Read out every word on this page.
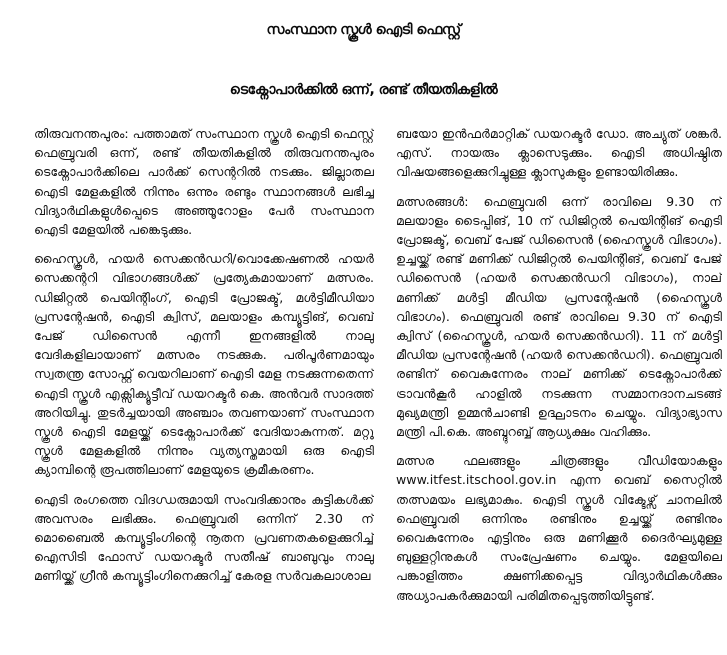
സംസ്ഥാന സ്കൂൾ ഐടി ഫെസ്റ്റ്
ടെക്നോപാർക്കിൽ ഒന്ന്, രണ്ട് തീയതികളിൽ

തിരുവനന്തപുരം: പത്താമത് സംസ്ഥാന സ്കൂൾ ഐടി ഫെസ്റ്റ് ഫെബ്രുവരി ഒന്ന്, രണ്ട് തീയതികളിൽ തിരുവനന്തപുരം ടെക്നോപാർക്കിലെ പാർക്ക് സെന്ററിൽ നടക്കും. ജില്ലാതല ഐടി മേളകളിൽ നിന്നും ഒന്നും രണ്ടും സ്ഥാനങ്ങൾ ലഭിച്ച വിദ്യാർഥികളുൾപ്പെടെ അഞ്ഞൂറോളം പേർ സംസ്ഥാന ഐടി മേളയിൽ പങ്കെടുക്കും.

ഹൈസ്കൂൾ, ഹയർ സെക്കൻഡറി/വൊക്കേഷണൽ ഹയർ സെക്കന്ററി വിഭാഗങ്ങൾക്ക് പ്രത്യേകമായാണ് മത്സരം. ഡിജിറ്റൽ പെയിന്റിംഗ്, ഐടി പ്രോജക്ട്, മൾട്ടിമീഡിയാ പ്രസന്റേഷൻ, ഐടി ക്വിസ്, മലയാളം കമ്പ്യൂട്ടിങ്, വെബ് പേജ് ഡിസൈൻ എന്നീ ഇനങ്ങളിൽ നാലു വേദികളിലായാണ് മത്സരം നടക്കുക. പരിപൂർണമായും സ്വതന്ത്ര സോഫ്റ്റ് വെയറിലാണ് ഐടി മേള നടക്കുന്നതെന്ന് ഐടി സ്കൂൾ എക്സിക്യൂട്ടീവ് ഡയറക്ടർ കെ. അൻവർ സാദത്ത് അറിയിച്ചു. തുടർച്ചയായി അഞ്ചാം തവണയാണ് സംസ്ഥാന സ്കൂൾ ഐടി മേളയ്ക്ക് ടെക്നോപാർക്ക് വേദിയാകുന്നത്. മറ്റു സ്കൂൾ മേളകളിൽ നിന്നും വ്യത്യസ്തമായി ഒരു ഐടി ക്യാമ്പിന്റെ രൂപത്തിലാണ് മേളയുടെ ക്രമീകരണം.

ഐടി രംഗത്തെ വിദഗ്ധരുമായി സംവദിക്കാനും കുട്ടികൾക്ക് അവസരം ലഭിക്കും. ഫെബ്രുവരി ഒന്നിന് 2.30 ന് മൊബൈൽ കമ്പ്യൂട്ടിംഗിന്റെ നൂതന പ്രവണതകളെക്കുറിച്ച് ഐസിടി ഫോസ് ഡയറക്ടർ സതീഷ് ബാബുവും നാലു മണിയ്ക്ക് ഗ്രീൻ കമ്പ്യൂട്ടിംഗിനെക്കുറിച്ച് കേരള സർവകലാശാല

ബയോ ഇൻഫർമാറ്റിക് ഡയറക്ടർ ഡോ. അച്യുത് ശങ്കർ. എസ്. നായരും ക്ലാസെടുക്കും. ഐടി അധിഷ്ഠിത വിഷയങ്ങളെക്കുറിച്ചുള്ള ക്ലാസുകളും ഉണ്ടായിരിക്കും.

മത്സരങ്ങൾ: ഫെബ്രുവരി ഒന്ന് രാവിലെ 9.30 ന് മലയാളം ടൈപ്പിങ്, 10 ന് ഡിജിറ്റൽ പെയിന്റിങ് ഐടി പ്രോജക്ട്, വെബ് പേജ് ഡിസൈൻ (ഹൈസ്കൂൾ വിഭാഗം). ഉച്ചയ്ക്ക് രണ്ട് മണിക്ക് ഡിജിറ്റൽ പെയിന്റിങ്, വെബ് പേജ് ഡിസൈൻ (ഹയർ സെക്കൻഡറി വിഭാഗം), നാല് മണിക്ക് മൾട്ടി മീഡിയ പ്രസന്റേഷൻ (ഹൈസ്കൂൾ വിഭാഗം). ഫെബ്രുവരി രണ്ട് രാവിലെ 9.30 ന് ഐടി ക്വിസ് (ഹൈസ്കൂൾ, ഹയർ സെക്കൻഡറി). 11 ന് മൾട്ടി മീഡിയ പ്രസന്റേഷൻ (ഹയർ സെക്കൻഡറി). ഫെബ്രുവരി രണ്ടിന് വൈകുന്നേരം നാല് മണിക്ക് ടെക്നോപാർക്ക് ട്രാവൻകൂർ ഹാളിൽ നടക്കുന്ന സമ്മാനദാനചടങ്ങ് മുഖ്യമന്ത്രി ഉമ്മൻചാണ്ടി ഉദ്ഘാടനം ചെയ്യും. വിദ്യാഭ്യാസ മന്ത്രി പി.കെ. അബ്ദുറബ്ബ് ആധ്യക്ഷം വഹിക്കും.

മത്സര ഫലങ്ങളും ചിത്രങ്ങളും വീഡിയോകളും www.itfest.itschool.gov.in എന്ന വെബ് സൈറ്റിൽ തത്സമയം ലഭ്യമാകും. ഐടി സ്കൂൾ വിക്ടേഴ്സ് ചാനലിൽ ഫെബ്രുവരി ഒന്നിനും രണ്ടിനും ഉച്ചയ്ക്ക് രണ്ടിനും വൈകുന്നേരം എട്ടിനും ഒരു മണിക്കൂർ ദൈർഘ്യമുള്ള ബുള്ളറ്റിനുകൾ സംപ്രേഷണം ചെയ്യും. മേളയിലെ പങ്കാളിത്തം ക്ഷണിക്കപ്പെട്ട വിദ്യാർഥികൾക്കും അധ്യാപകർക്കുമായി പരിമിതപ്പെടുത്തിയിട്ടുണ്ട്.
